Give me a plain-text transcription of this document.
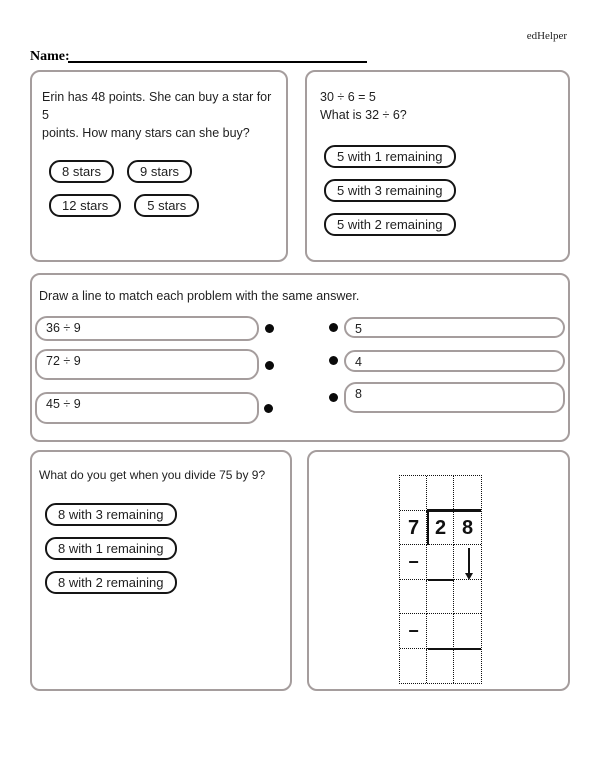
edHelper
Name:
Erin has 48 points. She can buy a star for 5
points. How many stars can she buy?
8 stars	9 stars
12 stars	5 stars
30 ÷ 6 = 5
What is 32 ÷ 6?
5 with 1 remaining
5 with 3 remaining
5 with 2 remaining
Draw a line to match each problem with the same answer.
36 ÷ 9
72 ÷ 9
45 ÷ 9
5
4
8
What do you get when you divide 75 by 9?
8 with 3 remaining
8 with 1 remaining
8 with 2 remaining
7 2 8
−
−
